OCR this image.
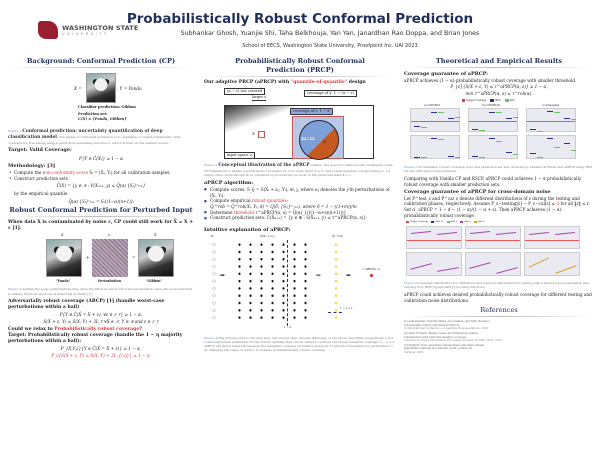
WASHINGTON STATE
UNIVERSITY
Probabilistically Robust Conformal Prediction
Subhankar Ghosh, Yuanjie Shi, Taha Belkhouja, Yan Yan, Janardhan Rao Doppa, and Brian Jones
School of EECS, Washington State University, Proofpoint Inc. UAI 2023
Background: Conformal Prediction (CP)
X =	, Y = Panda
Classifier prediction: Gibbon
Prediction set:
C(X) = {Panda, Gibbon}
Figure 1:Conformal prediction: uncertainty quantification of deep classification model. The target of conformal prediction is to guarantee a certain statistically valid coverage for true labels using a prediction-generating function C, which is built on the learned model.
Target: Valid Coverage:
P{Y ∈ Ĉ(X)} ≥ 1 − α
Methodology: [3]
• Compute the non-conformity score Sᵢ = (Xᵢ, Yᵢ) for all calibration samples.
• Construct prediction sets
Ĉ(X) = {y ∈ 𝒴 : V(Xₙ₊₁, y) ≤ Q̂(α) {Sᵢ}ⁿᵢ₌₁}
by the empirical quantile
Q̂(α) {Sᵢ}ⁿᵢ₌₁ = S₍⌈(1−α)(n+1)⌉₎
Robust Conformal Prediction for Perturbed Input
When data X is contaminated by noise ε, CP could still work for X̃ = X + ε [1].
X	εᵢ	X̃
+	=
"Panda"	Perturbation	"Gibbon"
Figure 2:Adding the noise perturbations may drive the fitted model to error at test and then cause the score function to inflate. Previous work has studied this problem [1].
Adversarially robust coverage (ARCP) [1] (handle worst-case perturbations within a ball)
P{Y ∈ Ĉ(X̃ = X + ε), ∀ε ∈ ℰ_r} ≥ 1 − α,
S(X + ε, Y) ≤ S(X, Y) + 3L_r ∀X ∈ 𝒳, Y ∈ 𝒴 and ε ∈ ℰ_r
Could we relax to Probabilistically robust coverage?
Target: Probabilistically robust coverage (handle the 1 − η majority perturbations within a ball):
P_{X,Y,ε}{Y ∈ Ĉ(X̃ = X + ε)} ≥ 1 − α,
P_ε{S(X + ε, Y) ≤ S(X, Y) + 3L_{r,η}} ≥ 1 − η.
Probabilistically Robust Conformal Prediction (PRCP)
Our adaptive PRCP (aPRCP) with "quantile-of-quantile" design
(α − s) not covered
larger s
coverage of y: 1 − (α − s)
coverage of ε: 1 − d
ε = ‖ε‖ ≤ r
X
X
input space 𝒳
Figure 3:Conceptual illustration of the aPRCP setting. The goal is to improve the robustness of the CP framework to handle perturbations ε bounded by r for every input X ∈ 𝒳. The robust quantile corresponding to 1-d region (blue circle around X) is computed by accounting for most of the perturbed data X + ε.
aPRCP algorithm:
● Compute scores: S_ij = S(Xᵢ + εᵢⱼ, Yᵢ), ∀i, j, where εᵢⱼ denotes the j-th perturbations of (Xᵢ, Yᵢ).
● Compute empirical robust quantiles:
Q̂ᵢ^rob = Q̂^rob(Xᵢ, Yᵢ; d) = Q(δ, {Sᵢⱼ}ᵐⱼ₌₁), where δ = 1 − ⌊(1+m)⌋/m
● Determine threshold τ^aPRCP(α, s) = Q̂(α)_{(⌈(1−α+s)(n+1)⌉)}
● Construct prediction sets: Ĉ(X̃ₙ₊₁) = {y ∈ 𝒴 : S(X̃ₙ₊₁, y) ≤ τ^aPRCP(α, s)}.
Intuitive explanation of aPRCP:
Xᵢ	S(Xᵢ + εᵢⱼ)	Q̂ᵢ^rob
1 − d
1 − α + s
➡	➡	➡
τ^aPRCP(α, s)
Figure 4:The arrows point to the first step, the second step, and the third step of the above algorithm respectively. s is a conservativeness parameter for the robust quantile that can be varied to achieve the target marginal coverage 1 − α + s. aPRCP can find a trade-off between the marginal coverage on feature space (X, Y) and the robustness for perturbation ε by changing the value of d and s to achieve probabilistically robust coverage.
Theoretical and Empirical Results
Coverage guarantee of aPRCP:
aPRCP achieves (1 − α)-probabilistically robust coverage with smaller threshold.
P_{ε}{S(X + ε, Y) ≤ τ^aPRCP(α, s)} ≥ 1 − α,
min τ^aPRCP(α, s) ≤ τ^rob(α).
Target Coverage	HPS	APS
(a) CIFAR10	(b) CIFAR100	(c) ImageNet
Figure 5:Probabilistic robust coverage (top) and prediction set size (bottom) by Vanilla CP, RSCP, and aPRCP using HPS [2] and APS [2] scoring functions.
Comparing with Vanilla CP and RSCP, aPRCP could achieves 1 − α probabilistically robust coverage with smaller prediction sets.
Coverage guarantee of aPRCP for cross-domain noise
Let P^test_ε and P^cal_ε denote different distributions of ε during the testing and calibration phases, respectively. Assume P_ε∼testing[ε] − P_ε∼cal[ε] ≤ d for all ‖ε‖ ≤ r. Set α′_aPRCP = 1 − d − (1 − α)/(1 − α + s). Then aPRCP achieves (1 − α)-probabilistically robust coverage.
Target Coverage	d=0.05	d=0.1	d=0.2	d=0.3
Figure 6:Gaussian distribution for calibration and uniform distribution for testing with a fixed a hyper-parameter and varying it by HPS [2] and APS [2] scoring functions.
aPRCP could achieves desired probabilistically robust coverage for different testing and calibration noise distributions.
References
[1] Asaf Gendler, Tsui-Wei Weng, Luca Daniel, and Yaniv Romano.
Adversarially robust conformal prediction.
In International Conference on Learning Representations, 2022.
[2] Yaniv Romano, Matteo Sesia, and Emmanuel Candes.
Classification with valid and adaptive coverage.
Advances in Neural Information Processing Systems, 33:3581–3591, 2020.
[3] Vladimir Vovk, Alexander Gammerman, and Glenn Shafer.
Algorithmic learning in a random world, volume 29.
Springer, 2005.
